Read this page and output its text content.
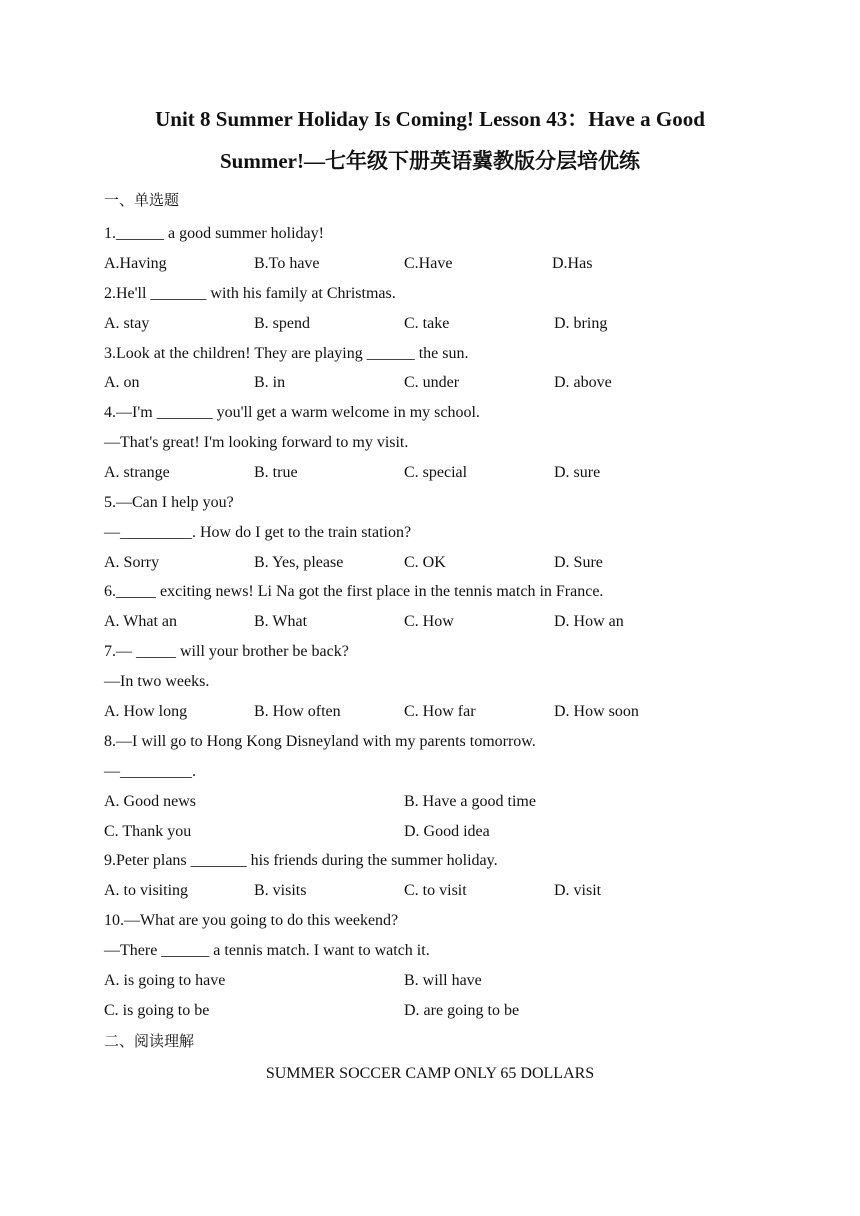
Unit 8 Summer Holiday Is Coming! Lesson 43：Have a Good
Summer!—七年级下册英语冀教版分层培优练
一、单选题
1.______ a good summer holiday!
A.Having	B.To have	C.Have	D.Has
2.He'll _______ with his family at Christmas.
A. stay	B. spend	C. take	D. bring
3.Look at the children! They are playing ______ the sun.
A. on	B. in	C. under	D. above
4.—I'm _______ you'll get a warm welcome in my school.
—That's great! I'm looking forward to my visit.
A. strange	B. true	C. special	D. sure
5.—Can I help you?
—_________. How do I get to the train station?
A. Sorry	B. Yes, please	C. OK	D. Sure
6._____ exciting news! Li Na got the first place in the tennis match in France.
A. What an	B. What	C. How	D. How an
7.— _____ will your brother be back?
—In two weeks.
A. How long	B. How often	C. How far	D. How soon
8.—I will go to Hong Kong Disneyland with my parents tomorrow.
—_________.
A. Good news	B. Have a good time
C. Thank you	D. Good idea
9.Peter plans _______ his friends during the summer holiday.
A. to visiting	B. visits	C. to visit	D. visit
10.—What are you going to do this weekend?
—There ______ a tennis match. I want to watch it.
A. is going to have	B. will have
C. is going to be	D. are going to be
二、阅读理解
SUMMER SOCCER CAMP ONLY 65 DOLLARS
